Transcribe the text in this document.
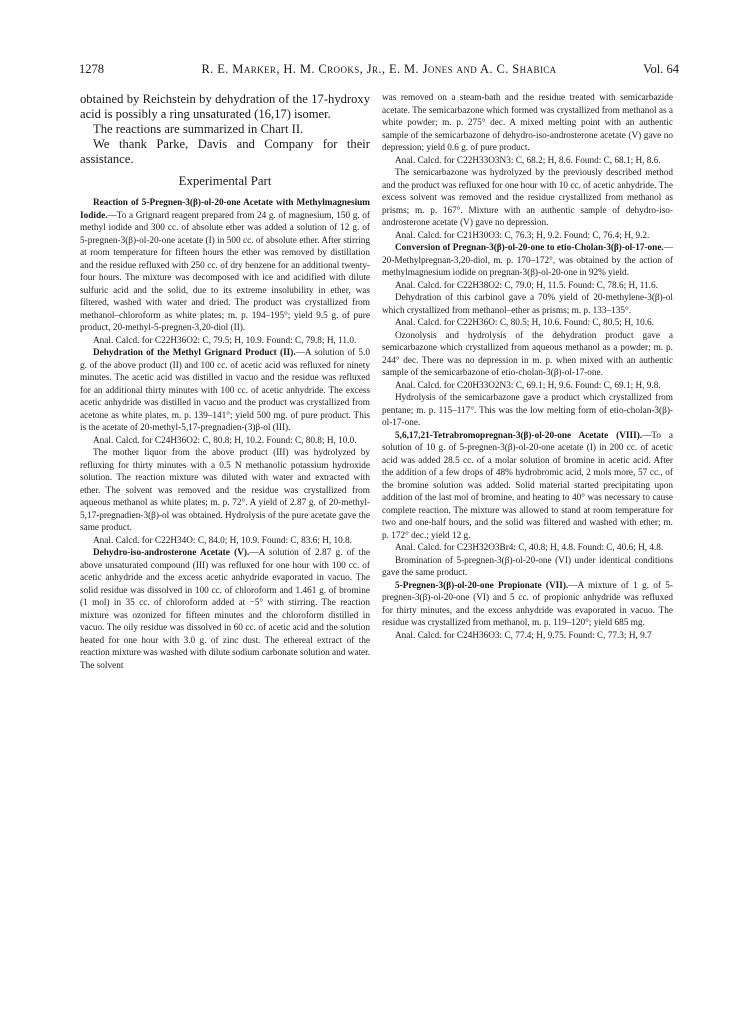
1278	R. E. Marker, H. M. Crooks, Jr., E. M. Jones and A. C. Shabica	Vol. 64

obtained by Reichstein by dehydration of the 17-hydroxy acid is possibly a ring unsaturated (16,17) isomer.

The reactions are summarized in Chart II.

We thank Parke, Davis and Company for their assistance.

Experimental Part

Reaction of 5-Pregnen-3(β)-ol-20-one Acetate with Methylmagnesium Iodide.—To a Grignard reagent prepared from 24 g. of magnesium, 150 g. of methyl iodide and 300 cc. of absolute ether was added a solution of 12 g. of 5-pregnen-3(β)-ol-20-one acetate (I) in 500 cc. of absolute ether. After stirring at room temperature for fifteen hours the ether was removed by distillation and the residue refluxed with 250 cc. of dry benzene for an additional twenty-four hours. The mixture was decomposed with ice and acidified with dilute sulfuric acid and the solid, due to its extreme insolubility in ether, was filtered, washed with water and dried. The product was crystallized from methanol–chloroform as white plates; m. p. 194–195°; yield 9.5 g. of pure product, 20-methyl-5-pregnen-3,20-diol (II).

Anal. Calcd. for C22H36O2: C, 79.5; H, 10.9. Found: C, 79.8; H, 11.0.

Dehydration of the Methyl Grignard Product (II).—A solution of 5.0 g. of the above product (II) and 100 cc. of acetic acid was refluxed for ninety minutes. The acetic acid was distilled in vacuo and the residue was refluxed for an additional thirty minutes with 100 cc. of acetic anhydride. The excess acetic anhydride was distilled in vacuo and the product was crystallized from acetone as white plates, m. p. 139–141°; yield 500 mg. of pure product. This is the acetate of 20-methyl-5,17-pregnadien-(3)β-ol (III).

Anal. Calcd. for C24H36O2: C, 80.8; H, 10.2. Found: C, 80.8; H, 10.0.

The mother liquor from the above product (III) was hydrolyzed by refluxing for thirty minutes with a 0.5 N methanolic potassium hydroxide solution. The reaction mixture was diluted with water and extracted with ether. The solvent was removed and the residue was crystallized from aqueous methanol as white plates; m. p. 72°. A yield of 2.87 g. of 20-methyl-5,17-pregnadien-3(β)-ol was obtained. Hydrolysis of the pure acetate gave the same product.

Anal. Calcd. for C22H34O: C, 84.0; H, 10.9. Found: C, 83.6; H, 10.8.

Dehydro-iso-androsterone Acetate (V).—A solution of 2.87 g. of the above unsaturated compound (III) was refluxed for one hour with 100 cc. of acetic anhydride and the excess acetic anhydride evaporated in vacuo. The solid residue was dissolved in 100 cc. of chloroform and 1.461 g. of bromine (1 mol) in 35 cc. of chloroform added at −5° with stirring. The reaction mixture was ozonized for fifteen minutes and the chloroform distilled in vacuo. The oily residue was dissolved in 60 cc. of acetic acid and the solution heated for one hour with 3.0 g. of zinc dust. The ethereal extract of the reaction mixture was washed with dilute sodium carbonate solution and water. The solvent

was removed on a steam-bath and the residue treated with semicarbazide acetate. The semicarbazone which formed was crystallized from methanol as a white powder; m. p. 275° dec. A mixed melting point with an authentic sample of the semicarbazone of dehydro-iso-androsterone acetate (V) gave no depression; yield 0.6 g. of pure product.

Anal. Calcd. for C22H33O3N3: C, 68.2; H, 8.6. Found: C, 68.1; H, 8.6.

The semicarbazone was hydrolyzed by the previously described method and the product was refluxed for one hour with 10 cc. of acetic anhydride. The excess solvent was removed and the residue crystallized from methanol as prisms; m. p. 167°. Mixture with an authentic sample of dehydro-iso-androsterone acetate (V) gave no depression.

Anal. Calcd. for C21H30O3: C, 76.3; H, 9.2. Found: C, 76.4; H, 9.2.

Conversion of Pregnan-3(β)-ol-20-one to etio-Cholan-3(β)-ol-17-one.—20-Methylpregnan-3,20-diol, m. p. 170–172°, was obtained by the action of methylmagnesium iodide on pregnan-3(β)-ol-20-one in 92% yield.

Anal. Calcd. for C22H38O2: C, 79.0; H, 11.5. Found: C, 78.6; H, 11.6.

Dehydration of this carbinol gave a 70% yield of 20-methylene-3(β)-ol which crystallized from methanol–ether as prisms; m. p. 133–135°.

Anal. Calcd. for C22H36O: C, 80.5; H, 10.6. Found: C, 80.5; H, 10.6.

Ozonolysis and hydrolysis of the dehydration product gave a semicarbazone which crystallized from aqueous methanol as a powder; m. p. 244° dec. There was no depression in m. p. when mixed with an authentic sample of the semicarbazone of etio-cholan-3(β)-ol-17-one.

Anal. Calcd. for C20H33O2N3: C, 69.1; H, 9.6. Found: C, 69.1; H, 9.8.

Hydrolysis of the semicarbazone gave a product which crystallized from pentane; m. p. 115–117°. This was the low melting form of etio-cholan-3(β)-ol-17-one.

5,6,17,21-Tetrabromopregnan-3(β)-ol-20-one Acetate (VIII).—To a solution of 10 g. of 5-pregnen-3(β)-ol-20-one acetate (I) in 200 cc. of acetic acid was added 28.5 cc. of a molar solution of bromine in acetic acid. After the addition of a few drops of 48% hydrobromic acid, 2 mols more, 57 cc., of the bromine solution was added. Solid material started precipitating upon addition of the last mol of bromine, and heating to 40° was necessary to cause complete reaction. The mixture was allowed to stand at room temperature for two and one-half hours, and the solid was filtered and washed with ether; m. p. 172° dec.; yield 12 g.

Anal. Calcd. for C23H32O3Br4: C, 40.8; H, 4.8. Found: C, 40.6; H, 4.8.

Bromination of 5-pregnen-3(β)-ol-20-one (VI) under identical conditions gave the same product.

5-Pregnen-3(β)-ol-20-one Propionate (VII).—A mixture of 1 g. of 5-pregnen-3(β)-ol-20-one (VI) and 5 cc. of propionic anhydride was refluxed for thirty minutes, and the excess anhydride was evaporated in vacuo. The residue was crystallized from methanol, m. p. 119–120°; yield 685 mg.

Anal. Calcd. for C24H36O3: C, 77.4; H, 9.75. Found: C, 77.3; H, 9.7
